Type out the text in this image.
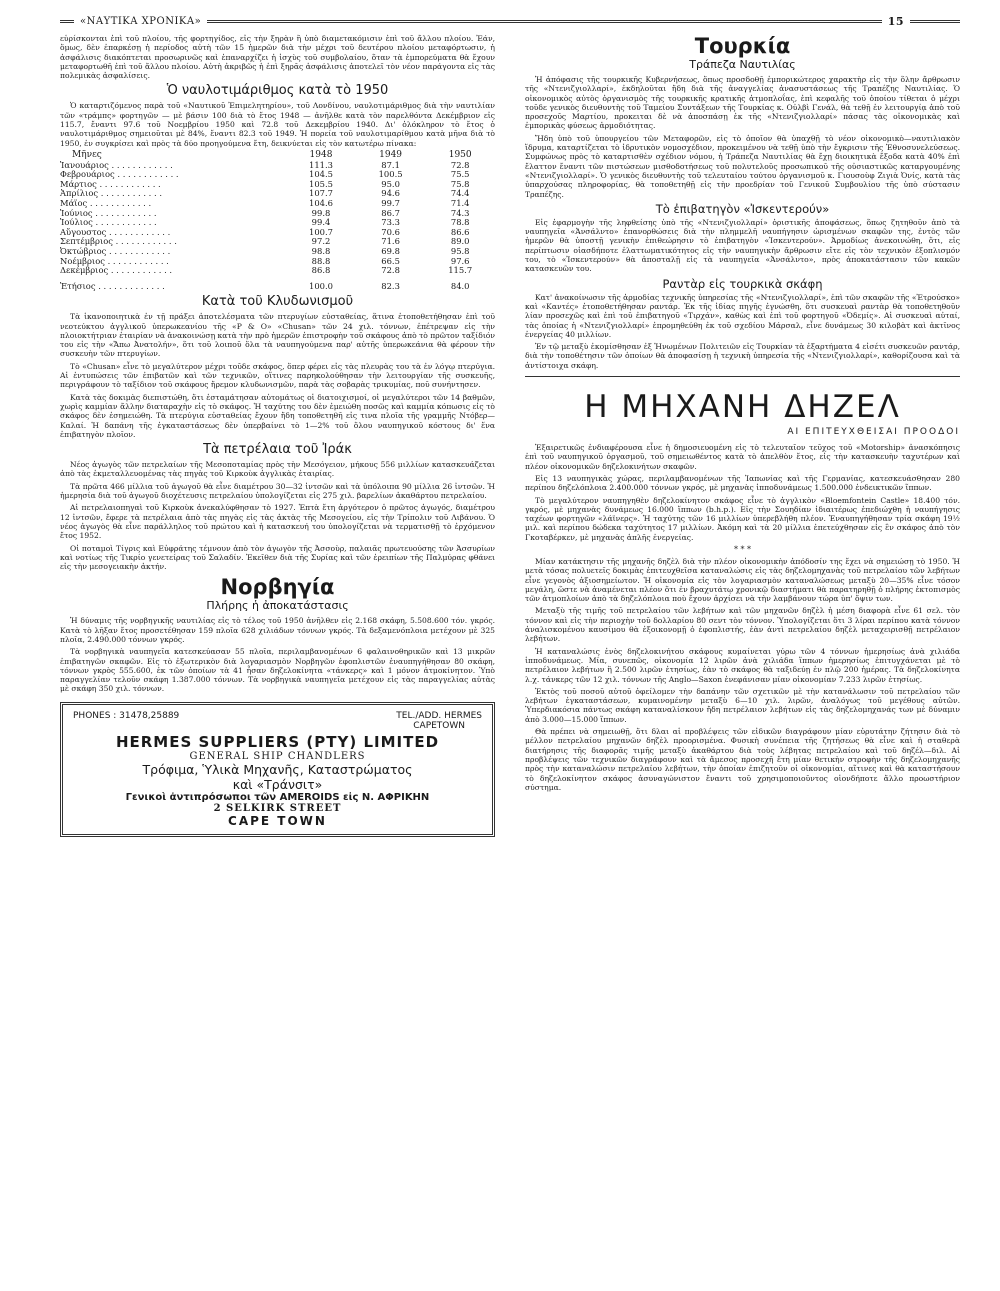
«ΝΑΥΤΙΚΑ ΧΡΟΝΙΚΑ»	15

εὑρίσκονται ἐπὶ τοῦ πλοίου, τῆς φορτηγίδος, εἰς τὴν ξηρὰν ἢ ὑπὸ διαμετακόμισιν ἐπὶ τοῦ ἄλλου πλοίου. Ἐάν, ὅμως, δὲν ἐπαρκέσῃ ἡ περίοδος αὐτὴ τῶν 15 ἡμερῶν διὰ τὴν μέχρι τοῦ δευτέρου πλοίου μεταφόρτωσιν, ἡ ἀσφάλισις διακόπτεται προσωρινῶς καὶ ἐπαναρχίζει ἡ ἰσχὺς τοῦ συμβολαίου, ὅταν τὰ ἐμπορεύματα θὰ ἔχουν μεταφορτωθῆ ἐπὶ τοῦ ἄλλου πλοίου. Αὐτὴ ἀκριβῶς ἡ ἐπὶ ξηρᾶς ἀσφάλισις ἀποτελεῖ τὸν νέον παράγοντα εἰς τὰς πολεμικὰς ἀσφαλίσεις.

Ὁ ναυλοτιμάριθμος κατὰ τὸ 1950

Ὁ καταρτιζόμενος παρὰ τοῦ «Ναυτικοῦ Ἐπιμελητηρίου», τοῦ Λονδίνου, ναυλοτιμάριθμος διὰ τὴν ναυτιλίαν τῶν «τράμπς» φορτηγῶν — μὲ βάσιν 100 διὰ τὸ ἔτος 1948 — ἀνῆλθε κατὰ τὸν παρελθόντα Δεκέμβριον εἰς 115.7, ἔναντι 97.6 τοῦ Νοεμβρίου 1950 καὶ 72.8 τοῦ Δεκεμβρίου 1940. Δι' ὁλόκληρον τὸ ἔτος ὁ ναυλοτιμάριθμος σημειοῦται μὲ 84%, ἔναντι 82.3 τοῦ 1949. Ἡ πορεία τοῦ ναυλοτιμαρίθμου κατὰ μῆνα διὰ τὸ 1950, ἐν συγκρίσει καὶ πρὸς τὰ δύο προηγούμενα ἔτη, δεικνύεται εἰς τὸν κατωτέρω πίνακα:

Μῆνες	1948	1949	1950
Ἰανουάριος . . . . . . . . . . . .	111.3	87.1	72.8
Φεβρουάριος . . . . . . . . . . . .	104.5	100.5	75.5
Μάρτιος . . . . . . . . . . . .	105.5	95.0	75.8
Ἀπρίλιος . . . . . . . . . . . .	107.7	94.6	74.4
Μάϊος . . . . . . . . . . . .	104.6	99.7	71.4
Ἰούνιος . . . . . . . . . . . .	99.8	86.7	74.3
Ἰούλιος . . . . . . . . . . . .	99.4	73.3	78.8
Αὔγουστος . . . . . . . . . . . .	100.7	70.6	86.6
Σεπτέμβριος . . . . . . . . . . . .	97.2	71.6	89.0
Ὀκτώβριος . . . . . . . . . . . .	98.8	69.8	95.8
Νοέμβριος . . . . . . . . . . . .	88.8	66.5	97.6
Δεκέμβριος . . . . . . . . . . . .	86.8	72.8	115.7
Ἐτήσιος . . . . . . . . . . . . .	100.0	82.3	84.0
Κατὰ τοῦ Κλυδωνισμοῦ

Τὰ ἱκανοποιητικὰ ἐν τῇ πράξει ἀποτελέσματα τῶν πτερυγίων εὐσταθείας, ἅτινα ἐτοποθετήθησαν ἐπὶ τοῦ νεοτεύκτου ἀγγλικοῦ ὑπερωκεανίου τῆς «P & O» «Chusan» τῶν 24 χιλ. τόννων, ἐπέτρεψαν εἰς τὴν πλοιοκτήτριαν ἑταιρίαν νὰ ἀνακοινώσῃ κατὰ τὴν πρὸ ἡμερῶν ἐπιστροφὴν τοῦ σκάφους ἀπὸ τὸ πρῶτον ταξίδιόν του εἰς τὴν «Ἄπω Ἀνατολήν», ὅτι τοῦ λοιποῦ ὅλα τὰ ναυπηγούμενα παρ' αὐτῆς ὑπερωκεάνια θὰ φέρουν τὴν συσκευὴν τῶν πτερυγίων.

Τὸ «Chusan» εἶνε τὸ μεγαλύτερον μέχρι τοῦδε σκάφος, ὅπερ φέρει εἰς τὰς πλευρὰς του τὰ ἐν λόγῳ πτερύγια. Αἱ ἐντυπώσεις τῶν ἐπιβατῶν καὶ τῶν τεχνικῶν, οἵτινες παρηκολούθησαν τὴν λειτουργίαν τῆς συσκευῆς, περιγράφουν τὸ ταξίδιον τοῦ σκάφους ἤρεμον κλυδωνισμῶν, παρὰ τὰς σοβαρὰς τρικυμίας, ποῦ συνήντησεν.

Κατὰ τὰς δοκιμὰς διεπιστώθη, ὅτι ἐσταμάτησαν αὐτομάτως οἱ διατοιχισμοί, οἱ μεγαλύτεροι τῶν 14 βαθμῶν, χωρὶς καμμίαν ἄλλην διαταραχὴν εἰς τὸ σκάφος. Ἡ ταχύτης του δὲν ἐμειώθη ποσῶς καὶ καμμία κόπωσις εἰς τὸ σκάφος δὲν ἐσημειώθη. Τὰ πτερύγια εὐσταθείας ἔχουν ἤδη τοποθετηθῆ εἰς τινα πλοῖα τῆς γραμμῆς Ντόβερ—Καλαί. Ἡ δαπάνη τῆς ἐγκαταστάσεως δὲν ὑπερβαίνει τὸ 1—2% τοῦ ὅλου ναυπηγικοῦ κόστους δι' ἕνα ἐπιβατηγὸν πλοῖον.

Τὰ πετρέλαια τοῦ Ἰράκ

Νέος ἀγωγὸς τῶν πετρελαίων τῆς Μεσοποταμίας πρὸς τὴν Μεσόγειον, μήκους 556 μιλλίων κατασκευάζεται ἀπὸ τὰς ἐκμεταλλευομένας τὰς πηγὰς τοῦ Κιρκοὺκ ἀγγλικὰς ἑταιρίας.

Τὰ πρῶτα 466 μίλλια τοῦ ἀγωγοῦ θὰ εἶνε διαμέτρου 30—32 ἰντσῶν καὶ τὰ ὑπόλοιπα 90 μίλλια 26 ἰντσῶν. Ἡ ἡμερησία διὰ τοῦ ἀγωγοῦ διοχέτευσις πετρελαίου ὑπολογίζεται εἰς 275 χιλ. βαρελίων ἀκαθάρτου πετρελαίου.

Αἱ πετρελαιοπηγαὶ τοῦ Κιρκοὺκ ἀνεκαλύφθησαν τὸ 1927. Ἑπτὰ ἔτη ἀργότερον ὁ πρῶτος ἀγωγός, διαμέτρου 12 ἰντσῶν, ἔφερε τὰ πετρέλαια ἀπὸ τὰς πηγὰς εἰς τὰς ἀκτὰς τῆς Μεσογείου, εἰς τὴν Τρίπολιν τοῦ Λιβάνου. Ὁ νέος ἀγωγὸς θὰ εἶνε παράλληλος τοῦ πρώτου καὶ ἡ κατασκευή του ὑπολογίζεται νὰ τερματισθῇ τὸ ἐρχόμενον ἔτος 1952.

Οἱ ποταμοὶ Τίγρις καὶ Εὐφράτης τέμνουν ἀπὸ τὸν ἀγωγὸν τῆς Ἀσσοὺρ, παλαιᾶς πρωτευούσης τῶν Ἀσσυρίων καὶ νοτίως τῆς Τικρίο γενετείρας τοῦ Σαλαδίν. Ἐκεῖθεν διὰ τῆς Συρίας καὶ τῶν ἐρειπίων τῆς Παλμύρας φθάνει εἰς τὴν μεσογειακὴν ἀκτήν.

Νορβηγία
Πλήρης ἡ ἀποκατάστασις

Ἡ δύναμις τῆς νορβηγικῆς ναυτιλίας εἰς τὸ τέλος τοῦ 1950 ἀνῆλθεν εἰς 2.168 σκάφη, 5.508.600 τόν. γκρός. Κατὰ τὸ λῆξαν ἔτος προσετέθησαν 159 πλοῖα 628 χιλιάδων τόννων γκρός. Τὰ δεξαμενόπλοια μετέχουν μὲ 325 πλοῖα, 2.490.000 τόννων γκρός.

Τὰ νορβηγικὰ ναυπηγεῖα κατεσκεύασαν 55 πλοῖα, περιλαμβανομένων 6 φαλαινοθηρικῶν καὶ 13 μικρῶν ἐπιβατηγῶν σκαφῶν. Εἰς τὸ ἐξωτερικὸν διὰ λογαριασμὸν Νορβηγῶν ἐφοπλιστῶν ἐναυπηγήθησαν 80 σκάφη, τόννων γκρὸς 555.600, ἐκ τῶν ὁποίων τὰ 41 ἦσαν δηζελοκίνητα «τάνκερς» καὶ 1 μόνον ἀτμοκίνητον. Ὑπὸ παραγγελίαν τελοῦν σκάφη 1.387.000 τόννων. Τὰ νορβηγικὰ ναυπηγεῖα μετέχουν εἰς τὰς παραγγελίας αὐτὰς μὲ σκάφη 350 χιλ. τόννων.

PHONES : 31478,25889	TEL./ADD. HERMES
CAPETOWN
HERMES SUPPLIERS (PTY) LIMITED
GENERAL SHIP CHANDLERS
Τρόφιμα, Ὑλικὰ Μηχανῆς, Καταστρώματος
καὶ «Τράνσιτ»
Γενικοὶ ἀντιπρόσωποι τῶν AMEROIDS εἰς Ν. ΑΦΡΙΚΗΝ
2 SELKIRK STREET
CAPE TOWN
Τουρκία
Τράπεζα Ναυτιλίας

Ἡ ἀπόφασις τῆς τουρκικῆς Κυβερνήσεως, ὅπως προσδοθῇ ἐμπορικώτερος χαρακτὴρ εἰς τὴν ὅλην ἄρθρωσιν τῆς «Ντενιζγιολλαρί», ἐκδηλοῦται ἤδη διὰ τῆς ἀναγγελίας ἀνασυστάσεως τῆς Τραπέζης Ναυτιλίας. Ὁ οἰκονομικὸς αὐτὸς ὀργανισμὸς τῆς τουρκικῆς κρατικῆς ἀτμοπλοΐας, ἐπὶ κεφαλῆς τοῦ ὁποίου τίθεται ὁ μέχρι τοῦδε γενικὸς διευθυντὴς τοῦ Ταμείου Συντάξεων τῆς Τουρκίας κ. Οὐλβὶ Γενάλ, θὰ τεθῇ ἐν λειτουργίᾳ ἀπὸ τοῦ προσεχοῦς Μαρτίου, προκειται δὲ νὰ ἀποσπάσῃ ἐκ τῆς «Ντενιζγιολλαρί» πάσας τὰς οἰκονομικὰς καὶ ἐμπορικὰς φύσεως ἁρμοδιότητας.

Ἤδη ὑπὸ τοῦ ὑπουργείου τῶν Μεταφορῶν, εἰς τὸ ὁποῖον θὰ ὑπαχθῇ τὸ νέον οἰκονομικὸ—ναυτιλιακὸν ἵδρυμα, καταρτίζεται τὸ ἱδρυτικὸν νομοσχέδιον, προκειμένου νὰ τεθῇ ὑπὸ τὴν ἔγκρισιν τῆς Ἐθνοσυνελεύσεως. Συμφώνως πρὸς τὸ καταρτισθὲν σχέδιον νόμου, ἡ Τράπεζα Ναυτιλίας θὰ ἔχῃ διοικητικὰ ἔξοδα κατὰ 40% ἐπὶ ἔλαττον ἔναντι τῶν πιστώσεων μισθοδοτήσεως τοῦ πολυτελοῦς προσωπικοῦ τῆς οὐσιαστικῶς καταργουμένης «Ντενιζγιολλαρί». Ὁ γενικὸς διευθυντὴς τοῦ τελευταίου τούτου ὀργανισμοῦ κ. Γιουσοὺφ Ζιγιὰ Ὀνίς, κατὰ τὰς ὑπαρχούσας πληροφορίας, θὰ τοποθετηθῇ εἰς τὴν προεδρίαν τοῦ Γενικοῦ Συμβουλίου τῆς ὑπὸ σύστασιν Τραπέζης.

Τὸ ἐπιβατηγὸν «Ἰσκεντερούν»

Εἰς ἐφαρμογὴν τῆς ληφθείσης ὑπὸ τῆς «Ντενιζγιολλαρί» ὁριστικῆς ἀποφάσεως, ὅπως ζητηθοῦν ἀπὸ τὰ ναυπηγεῖα «Ἀνσάλντο» ἐπανορθώσεις διὰ τὴν πλημμελῆ ναυπήγησιν ὡρισμένων σκαφῶν της, ἐντὸς τῶν ἡμερῶν θὰ ὑποστῇ γενικὴν ἐπιθεώρησιν τὸ ἐπιβατηγὸν «Ἰσκεντερούν». Ἁρμοδίως ἀνεκοινώθη, ὅτι, εἰς περίπτωσιν οἱασδήποτε ἐλαττωματικότητος εἰς τὴν ναυπηγικὴν ἄρθρωσιν εἴτε εἰς τὸν τεχνικὸν ἐξοπλισμόν του, τὸ «Ἰσκεντερούν» θὰ ἀποσταλῇ εἰς τὰ ναυπηγεῖα «Ἀνσάλντο», πρὸς ἀποκατάστασιν τῶν κακῶν κατασκευῶν του.

Ραντὰρ εἰς τουρκικὰ σκάφη

Κατ' ἀνακοίνωσιν τῆς ἁρμοδίας τεχνικῆς ὑπηρεσίας τῆς «Ντενιζγιολλαρί», ἐπὶ τῶν σκαφῶν τῆς «Ἐτρούσκο» καὶ «Καντές» ἐτοποθετήθησαν ραντάρ. Ἐκ τῆς ἰδίας πηγῆς ἐγνώσθη, ὅτι συσκευαὶ ραντὰρ θὰ τοποθετηθοῦν λίαν προσεχῶς καὶ ἐπὶ τοῦ ἐπιβατηγοῦ «Τιρχάν», καθὼς καὶ ἐπὶ τοῦ φορτηγοῦ «Ὀδεμίς». Αἱ συσκευαὶ αὐταί, τὰς ὁποίας ἡ «Ντενιζγιολλαρί» ἐπρομηθεύθη ἐκ τοῦ σχεδίου Μάρσαλ, εἶνε δυνάμεως 30 κιλοβὰτ καὶ ἀκτῖνος ἐνεργείας 40 μιλλίων.

Ἐν τῷ μεταξὺ ἐκομίσθησαν ἐξ Ἡνωμένων Πολιτειῶν εἰς Τουρκίαν τὰ ἐξαρτήματα 4 εἰσέτι συσκευῶν ραντάρ, διὰ τὴν τοποθέτησιν τῶν ὁποίων θὰ ἀποφασίσῃ ἡ τεχνικὴ ὑπηρεσία τῆς «Ντενιζγιολλαρί», καθορίζουσα καὶ τὰ ἀντίστοιχα σκάφη.

Η ΜΗΧΑΝΗ ΔΗΖΕΛ
ΑΙ ΕΠΙΤΕΥΧΘΕΙΣΑΙ ΠΡΟΟΔΟΙ

Ἐξαιρετικῶς ἐνδιαφέρουσα εἶνε ἡ δημοσιευομένη εἰς τὸ τελευταῖον τεῦχος τοῦ «Motorship» ἀνασκόπησις ἐπὶ τοῦ ναυπηγικοῦ ὀργασμοῦ, τοῦ σημειωθέντος κατὰ τὸ ἀπελθὸν ἔτος, εἰς τὴν κατασκευὴν ταχυτέρων καὶ πλέον οἰκονομικῶν δηζελοκινήτων σκαφῶν.

Εἰς 13 ναυπηγικὰς χώρας, περιλαμβανομένων τῆς Ἰαπωνίας καὶ τῆς Γερμανίας, κατεσκευάσθησαν 280 περίπου δηζελόπλοια 2.400.000 τόννων γκρός, μὲ μηχανὰς ἱπποδυνάμεως 1.500.000 ἐνδεικτικῶν ἵππων.

Τὸ μεγαλύτερον ναυπηγηθὲν δηζελοκίνητον σκάφος εἶνε τὸ ἀγγλικὸν «Bloemfontein Castle» 18.400 τόν. γκρός, μὲ μηχανὰς δυνάμεως 16.000 ἵππων (b.h.p.). Εἰς τὴν Σουηδίαν ἰδιαιτέρως ἐπεδιώχθη ἡ ναυπήγησις ταχέων φορτηγῶν «λάϊνερς». Ἡ ταχύτης τῶν 16 μιλλίων ὑπερεβλήθη πλέον. Ἐναυπηγήθησαν τρία σκάφη 19½ μιλ. καὶ περίπου δώδεκα ταχύτητος 17 μιλλίων. Ἀκόμη καὶ τὰ 20 μίλλια ἐπετεύχθησαν εἰς ἓν σκάφος ἀπὸ τὸν Γκοταβέρκεν, μὲ μηχανὰς ἁπλῆς ἐνεργείας.

* * *

Μίαν κατάκτησιν τῆς μηχανῆς δηζὲλ διὰ τὴν πλέον οἰκονομικὴν ἀπόδοσίν της ἔχει νὰ σημειώσῃ τὸ 1950. Ἡ μετὰ τόσας πολυετεῖς δοκιμὰς ἐπιτευχθεῖσα καταναλώσις εἰς τὰς δηζελομηχανὰς τοῦ πετρελαίου τῶν λεβήτων εἶνε γεγονὸς ἀξιοσημείωτον. Ἡ οἰκονομία εἰς τὸν λογαριασμὸν καταναλώσεως μεταξὺ 20—35% εἶνε τόσον μεγάλη, ὥστε νὰ ἀναμένεται πλέον ὅτι ἐν βραχυτάτῳ χρονικῷ διαστήματι θὰ παρατηρηθῇ ὁ πλήρης ἐκτοπισμὸς τῶν ἀτμοπλοίων ἀπὸ τὰ δηζελόπλοια ποὺ ἔχουν ἀρχίσει νὰ τὴν λαμβάνουν τώρα ὑπ' ὄψιν των.

Μεταξὺ τῆς τιμῆς τοῦ πετρελαίου τῶν λεβήτων καὶ τῶν μηχανῶν δηζὲλ ἡ μέση διαφορὰ εἶνε 61 σελ. τὸν τόννον καὶ εἰς τὴν περιοχὴν τοῦ δολλαρίου 80 σεντ τὸν τόννον. Ὑπολογίζεται ὅτι 3 λίραι περίπου κατὰ τόννον ἀναλισκομένου καυσίμου θὰ ἐξοικονομῇ ὁ ἐφοπλιστής, ἐὰν ἀντὶ πετρελαίου δηζὲλ μεταχειρισθῇ πετρέλαιον λεβήτων.

Ἡ καταναλώσις ἑνὸς δηζελοκινήτου σκάφους κυμαίνεται γύρω τῶν 4 τόννων ἡμερησίως ἀνὰ χιλιάδα ἱπποδυνάμεως. Μία, συνεπῶς, οἰκονομία 12 λιρῶν ἀνὰ χιλιάδα ἵππων ἡμερησίως ἐπιτυγχάνεται μὲ τὸ πετρέλαιον λεβήτων ἢ 2.500 λιρῶν ἐτησίως, ἐὰν τὸ σκάφος θὰ ταξιδεύῃ ἐν πλῷ 200 ἡμέρας. Τὰ δηζελοκίνητα λ.χ. τάνκερς τῶν 12 χιλ. τόννων τῆς Anglo—Saxon ἐνεφάνισαν μίαν οἰκονομίαν 7.233 λιρῶν ἐτησίως.

Ἐκτὸς τοῦ ποσοῦ αὐτοῦ ὀφείλομεν τὴν δαπάνην τῶν σχετικῶν μὲ τὴν κατανάλωσιν τοῦ πετρελαίου τῶν λεβήτων ἐγκαταστάσεων, κυμαινομένην μεταξὺ 6—10 χιλ. λιρῶν, ἀναλόγως τοῦ μεγέθους αὐτῶν. Ὑπερδιακόσια πάντως σκάφη καταναλίσκουν ἤδη πετρέλαιον λεβήτων εἰς τὰς δηζελομηχανάς των μὲ δύναμιν ἀπὸ 3.000—15.000 ἵππων.

Θὰ πρέπει νὰ σημειωθῇ, ὅτι δλαι αἱ προβλέψεις τῶν εἰδικῶν διαγράφουν μίαν εὐρυτάτην ζήτησιν διὰ τὸ μέλλον πετρελαίου μηχανῶν δηζὲλ προορισμένα. Φυσικὴ συνέπεια τῆς ζητήσεως θὰ εἶνε καὶ ἡ σταθερὰ διατήρησις τῆς διαφορᾶς τιμῆς μεταξὺ ἀκαθάρτου διὰ τοὺς λέβητας πετρελαίου καὶ τοῦ δηζέλ—διλ. Αἱ προβλέψεις τῶν τεχνικῶν διαγράφουν καὶ τὰ ἄμεσος προσεχῆ ἔτη μίαν θετικὴν στροφὴν τῆς δηζελομηχανῆς πρὸς τὴν καταναλώσιν πετρελαίου λεβήτων, τὴν ὁποίαν ἐπιζητοῦν οἱ οἰκονομίαι, αἵτινες καὶ θὰ καταστήσουν τὸ δηζελοκίνητον σκάφος ἀσυναγώνιστον ἔναντι τοῦ χρησιμοποιοῦντος οἱονδήποτε ἄλλο προωστήριον σύστημα.
